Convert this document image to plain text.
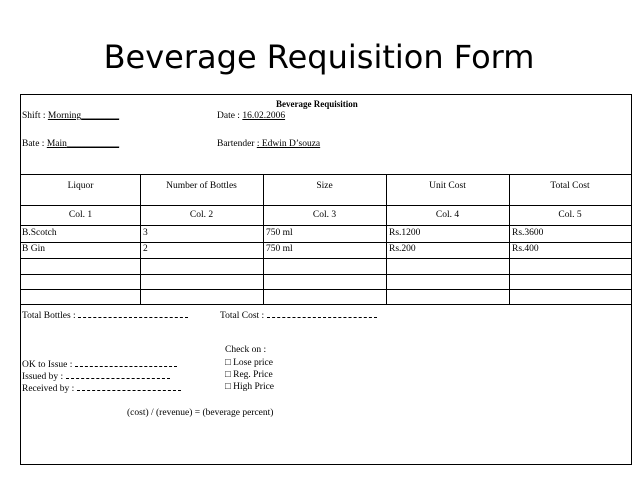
Beverage Requisition Form
Beverage Requisition
Shift : Morning________	Date : 16.02.2006
Bate : Main___________	Bartender : Edwin D’souza
Liquor	Number of Bottles	Size	Unit Cost	Total Cost
Col. 1	Col. 2	Col. 3	Col. 4	Col. 5
B.Scotch	3	750 ml	Rs.1200	Rs.3600
B Gin	2	750 ml	Rs.200	Rs.400
Total Bottles :	Total Cost :
Check on :
OK to Issue :
Issued by :
Received by :
□ Lose price
□ Reg. Price
□ High Price
(cost) / (revenue) = (beverage percent)
